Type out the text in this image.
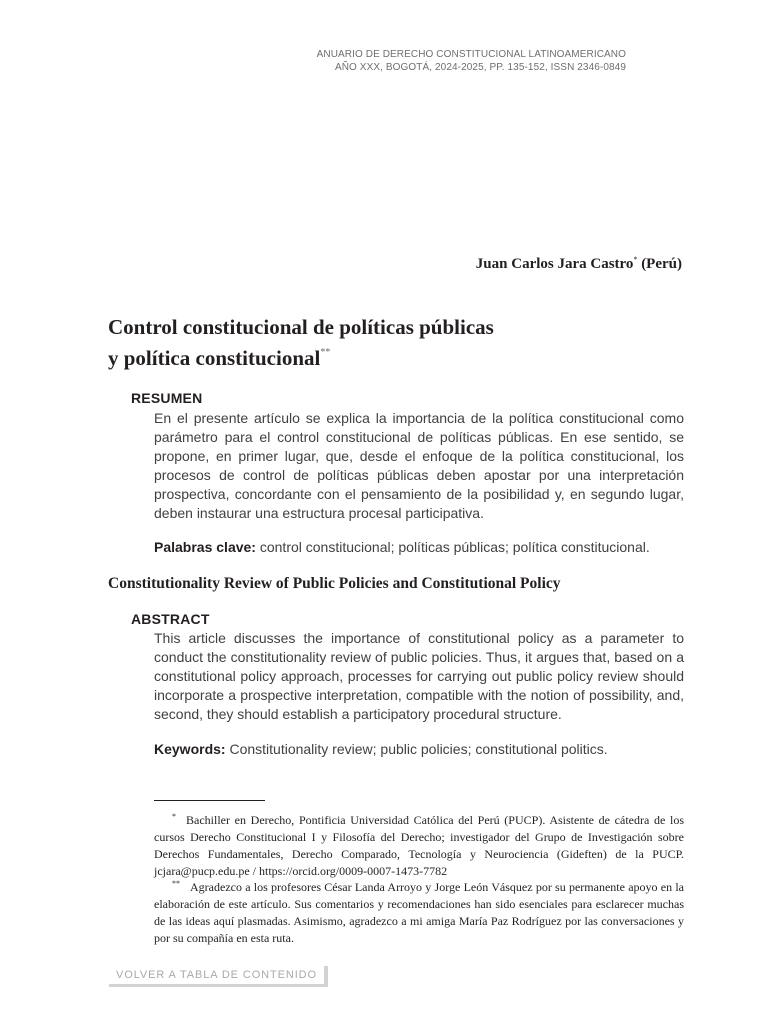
ANUARIO DE DERECHO CONSTITUCIONAL LATINOAMERICANO
AÑO XXX, BOGOTÁ, 2024-2025, PP. 135-152, ISSN 2346-0849
Juan Carlos Jara Castro* (Perú)
Control constitucional de políticas públicas
y política constitucional**
RESUMEN
En el presente artículo se explica la importancia de la política constitucional como parámetro para el control constitucional de políticas públicas. En ese sentido, se propone, en primer lugar, que, desde el enfoque de la política constitucional, los procesos de control de políticas públicas deben apostar por una interpretación prospectiva, concordante con el pensamiento de la posibilidad y, en segundo lugar, deben instaurar una estructura procesal participativa.
Palabras clave: control constitucional; políticas públicas; política constitucional.
Constitutionality Review of Public Policies and Constitutional Policy
ABSTRACT
This article discusses the importance of constitutional policy as a parameter to conduct the constitutionality review of public policies. Thus, it argues that, based on a constitutional policy approach, processes for carrying out public policy review should incorporate a prospective interpretation, compatible with the notion of possibility, and, second, they should establish a participatory procedural structure.
Keywords: Constitutionality review; public policies; constitutional politics.
* Bachiller en Derecho, Pontificia Universidad Católica del Perú (PUCP). Asistente de cátedra de los cursos Derecho Constitucional I y Filosofía del Derecho; investigador del Grupo de Investigación sobre Derechos Fundamentales, Derecho Comparado, Tecnología y Neurociencia (Gideften) de la PUCP. jcjara@pucp.edu.pe / https://orcid.org/0009-0007-1473-7782
** Agradezco a los profesores César Landa Arroyo y Jorge León Vásquez por su permanente apoyo en la elaboración de este artículo. Sus comentarios y recomendaciones han sido esenciales para esclarecer muchas de las ideas aquí plasmadas. Asimismo, agradezco a mi amiga María Paz Rodríguez por las conversaciones y por su compañía en esta ruta.
VOLVER A TABLA DE CONTENIDO
